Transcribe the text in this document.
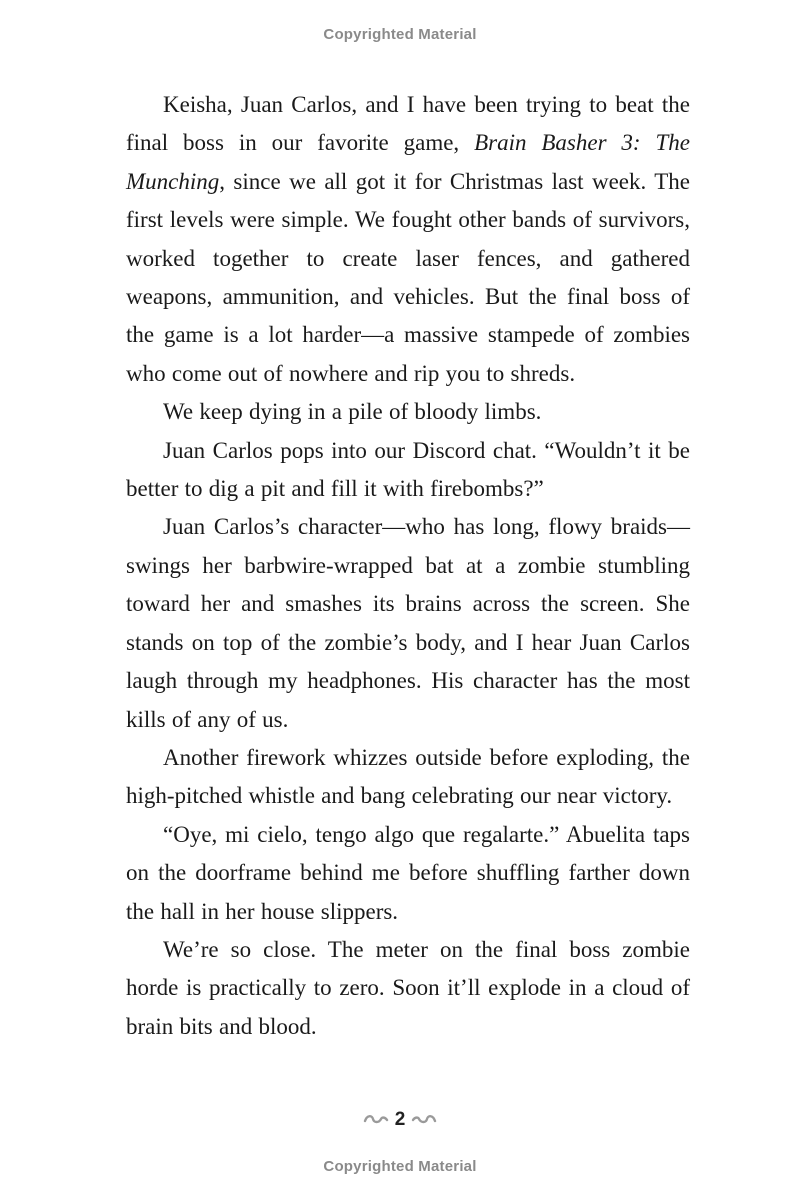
Copyrighted Material

Keisha, Juan Carlos, and I have been trying to beat the final boss in our favorite game, Brain Basher 3: The Munching, since we all got it for Christmas last week. The first levels were simple. We fought other bands of survivors, worked together to create laser fences, and gathered weapons, ammunition, and vehicles. But the final boss of the game is a lot harder—a massive stampede of zombies who come out of nowhere and rip you to shreds.

We keep dying in a pile of bloody limbs.

Juan Carlos pops into our Discord chat. “Wouldn’t it be better to dig a pit and fill it with firebombs?”

Juan Carlos’s character—who has long, flowy braids— swings her barbwire-wrapped bat at a zombie stumbling toward her and smashes its brains across the screen. She stands on top of the zombie’s body, and I hear Juan Carlos laugh through my headphones. His character has the most kills of any of us.

Another firework whizzes outside before exploding, the high-pitched whistle and bang celebrating our near victory.

“Oye, mi cielo, tengo algo que regalarte.” Abuelita taps on the doorframe behind me before shuffling farther down the hall in her house slippers.

We’re so close. The meter on the final boss zombie horde is practically to zero. Soon it’ll explode in a cloud of brain bits and blood.

2
Copyrighted Material
